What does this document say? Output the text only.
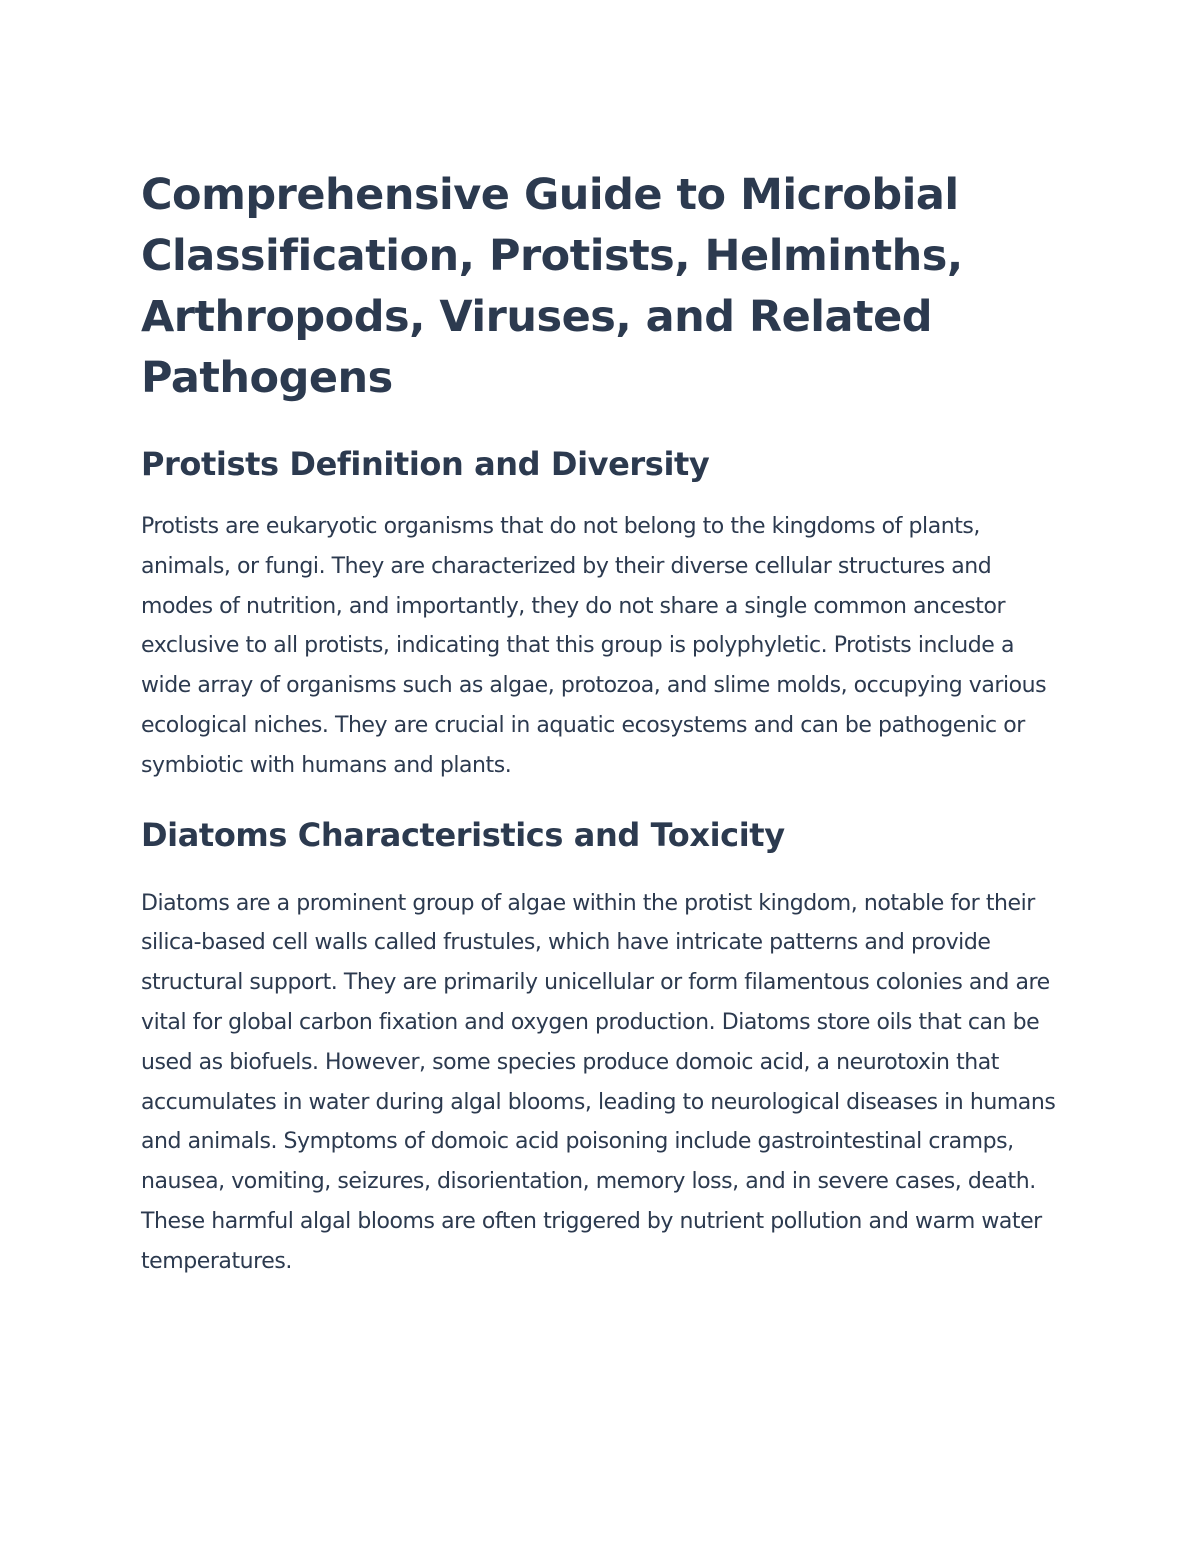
Comprehensive Guide to Microbial Classification, Protists, Helminths, Arthropods, Viruses, and Related Pathogens
Protists Definition and Diversity

Protists are eukaryotic organisms that do not belong to the kingdoms of plants, animals, or fungi. They are characterized by their diverse cellular structures and modes of nutrition, and importantly, they do not share a single common ancestor exclusive to all protists, indicating that this group is polyphyletic. Protists include a wide array of organisms such as algae, protozoa, and slime molds, occupying various ecological niches. They are crucial in aquatic ecosystems and can be pathogenic or symbiotic with humans and plants.

Diatoms Characteristics and Toxicity

Diatoms are a prominent group of algae within the protist kingdom, notable for their silica-based cell walls called frustules, which have intricate patterns and provide structural support. They are primarily unicellular or form filamentous colonies and are vital for global carbon fixation and oxygen production. Diatoms store oils that can be used as biofuels. However, some species produce domoic acid, a neurotoxin that accumulates in water during algal blooms, leading to neurological diseases in humans and animals. Symptoms of domoic acid poisoning include gastrointestinal cramps, nausea, vomiting, seizures, disorientation, memory loss, and in severe cases, death. These harmful algal blooms are often triggered by nutrient pollution and warm water temperatures.
